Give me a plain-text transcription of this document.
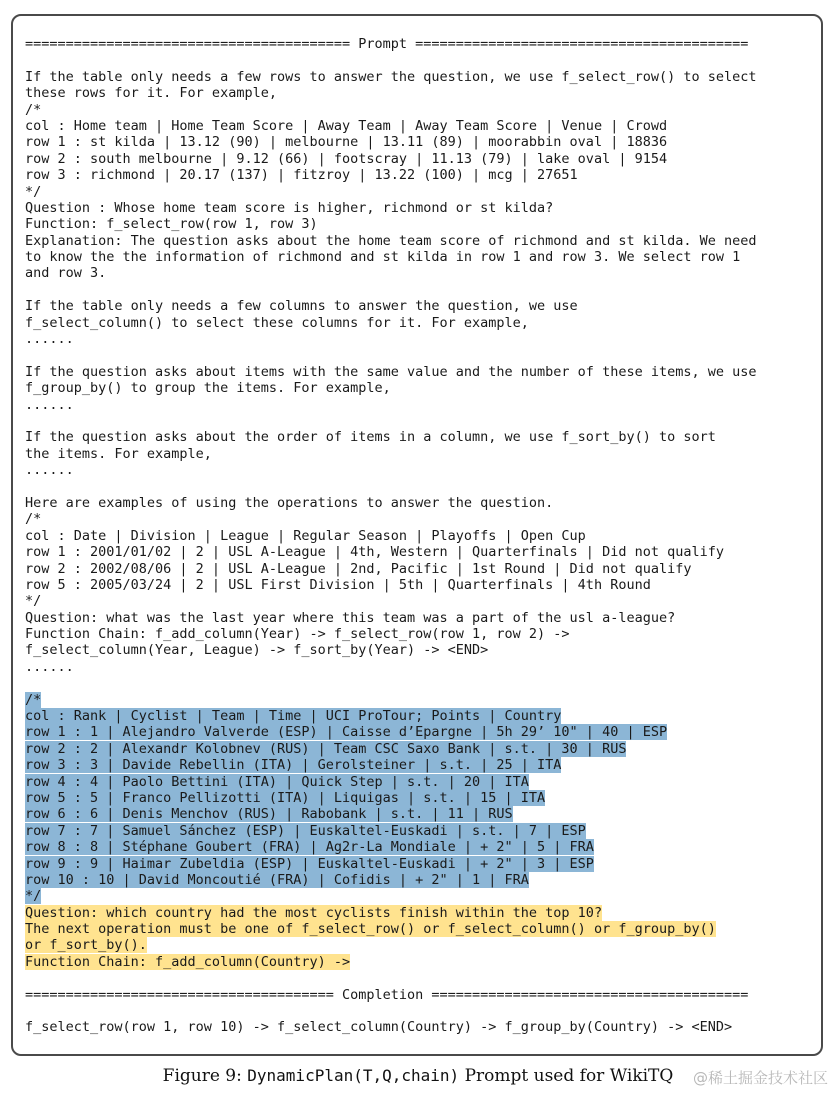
======================================== Prompt =========================================
If the table only needs a few rows to answer the question, we use f_select_row() to select
these rows for it. For example,
/*
col : Home team | Home Team Score | Away Team | Away Team Score | Venue | Crowd
row 1 : st kilda | 13.12 (90) | melbourne | 13.11 (89) | moorabbin oval | 18836
row 2 : south melbourne | 9.12 (66) | footscray | 11.13 (79) | lake oval | 9154
row 3 : richmond | 20.17 (137) | fitzroy | 13.22 (100) | mcg | 27651
*/
Question : Whose home team score is higher, richmond or st kilda?
Function: f_select_row(row 1, row 3)
Explanation: The question asks about the home team score of richmond and st kilda. We need
to know the the information of richmond and st kilda in row 1 and row 3. We select row 1
and row 3.
If the table only needs a few columns to answer the question, we use
f_select_column() to select these columns for it. For example,
......
If the question asks about items with the same value and the number of these items, we use
f_group_by() to group the items. For example,
......
If the question asks about the order of items in a column, we use f_sort_by() to sort
the items. For example,
......
Here are examples of using the operations to answer the question.
/*
col : Date | Division | League | Regular Season | Playoffs | Open Cup
row 1 : 2001/01/02 | 2 | USL A-League | 4th, Western | Quarterfinals | Did not qualify
row 2 : 2002/08/06 | 2 | USL A-League | 2nd, Pacific | 1st Round | Did not qualify
row 5 : 2005/03/24 | 2 | USL First Division | 5th | Quarterfinals | 4th Round
*/
Question: what was the last year where this team was a part of the usl a-league?
Function Chain: f_add_column(Year) -> f_select_row(row 1, row 2) ->
f_select_column(Year, League) -> f_sort_by(Year) -> <END>
......
/*
col : Rank | Cyclist | Team | Time | UCI ProTour; Points | Country
row 1 : 1 | Alejandro Valverde (ESP) | Caisse d’Epargne | 5h 29’ 10" | 40 | ESP
row 2 : 2 | Alexandr Kolobnev (RUS) | Team CSC Saxo Bank | s.t. | 30 | RUS
row 3 : 3 | Davide Rebellin (ITA) | Gerolsteiner | s.t. | 25 | ITA
row 4 : 4 | Paolo Bettini (ITA) | Quick Step | s.t. | 20 | ITA
row 5 : 5 | Franco Pellizotti (ITA) | Liquigas | s.t. | 15 | ITA
row 6 : 6 | Denis Menchov (RUS) | Rabobank | s.t. | 11 | RUS
row 7 : 7 | Samuel Sánchez (ESP) | Euskaltel-Euskadi | s.t. | 7 | ESP
row 8 : 8 | Stéphane Goubert (FRA) | Ag2r-La Mondiale | + 2" | 5 | FRA
row 9 : 9 | Haimar Zubeldia (ESP) | Euskaltel-Euskadi | + 2" | 3 | ESP
row 10 : 10 | David Moncoutié (FRA) | Cofidis | + 2" | 1 | FRA
*/
Question: which country had the most cyclists finish within the top 10?
The next operation must be one of f_select_row() or f_select_column() or f_group_by()
or f_sort_by().
Function Chain: f_add_column(Country) ->
====================================== Completion =======================================
f_select_row(row 1, row 10) -> f_select_column(Country) -> f_group_by(Country) -> <END>
Figure 9: DynamicPlan(T,Q,chain) Prompt used for WikiTQ	@稀土掘金技术社区
